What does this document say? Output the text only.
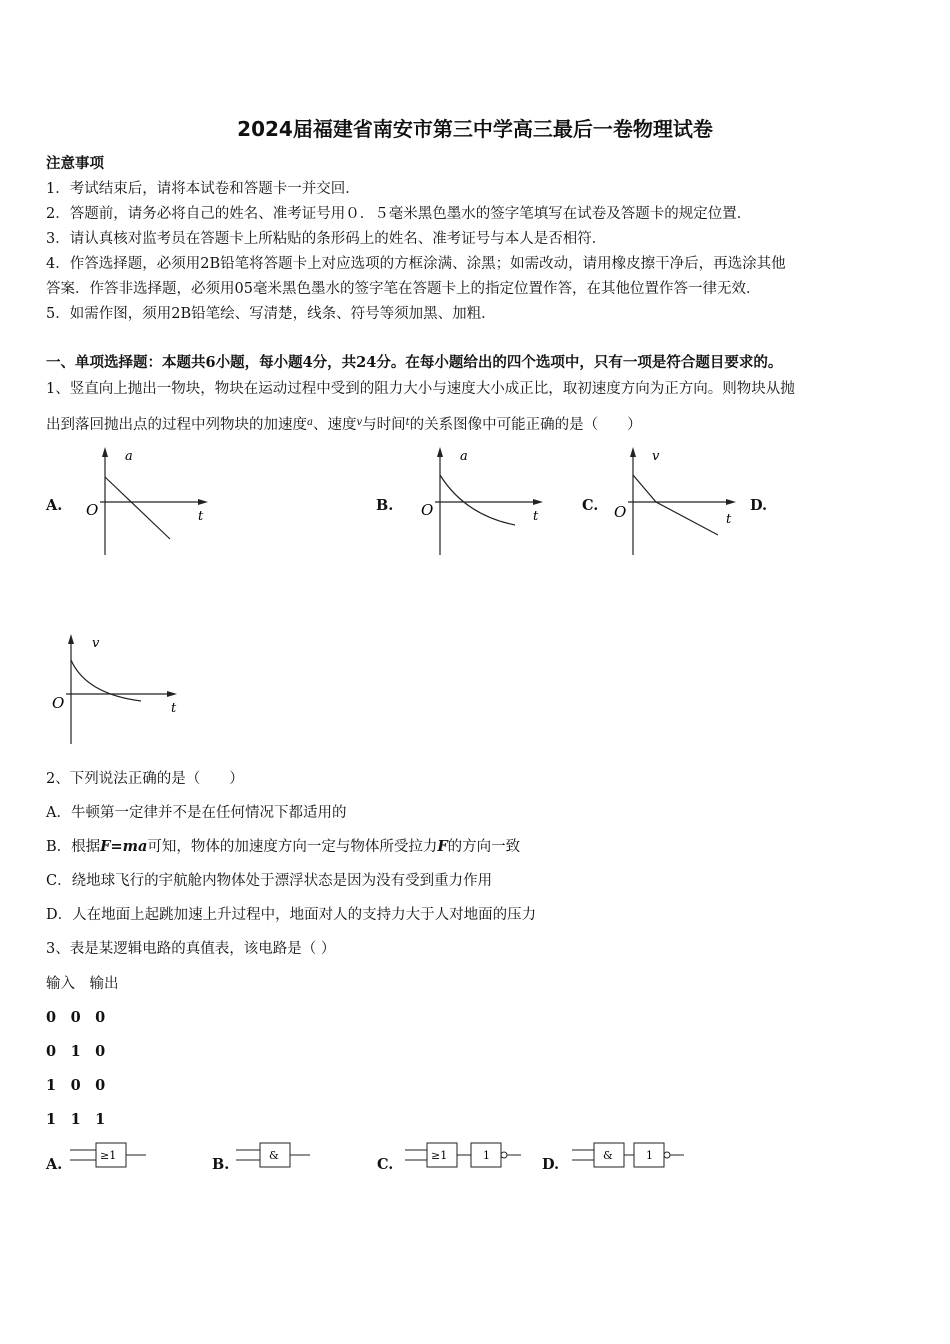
2024届福建省南安市第三中学高三最后一卷物理试卷
注意事项
1．考试结束后，请将本试卷和答题卡一并交回．
2．答题前，请务必将自己的姓名、准考证号用０．５毫米黑色墨水的签字笔填写在试卷及答题卡的规定位置．
3．请认真核对监考员在答题卡上所粘贴的条形码上的姓名、准考证号与本人是否相符．
4．作答选择题，必须用2B铅笔将答题卡上对应选项的方框涂满、涂黑；如需改动，请用橡皮擦干净后，再选涂其他
答案．作答非选择题，必须用05毫米黑色墨水的签字笔在答题卡上的指定位置作答，在其他位置作答一律无效．
5．如需作图，须用2B铅笔绘、写清楚，线条、符号等须加黑、加粗．
一、单项选择题：本题共6小题，每小题4分，共24分。在每小题给出的四个选项中，只有一项是符合题目要求的。
1、竖直向上抛出一物块，物块在运动过程中受到的阻力大小与速度大小成正比，取初速度方向为正方向。则物块从抛
出到落回抛出点的过程中列物块的加速度$^a$、速度$^v$与时间$^t$的关系图像中可能正确的是（　　）
A.	B.	C.	D.
a
O	t
a
O	t
v
O	t
v
O	t
2、下列说法正确的是（　　）
A．牛顿第一定律并不是在任何情况下都适用的
B．根据F=ma可知，物体的加速度方向一定与物体所受拉力F的方向一致
C．绕地球飞行的宇航舱内物体处于漂浮状态是因为没有受到重力作用
D．人在地面上起跳加速上升过程中，地面对人的支持力大于人对地面的压力
3、表是某逻辑电路的真值表，该电路是（ ）
输入　输出
0　0　0
0　1　0
1　0　0
1　1　1
A.	B.	C.	D.
≥1	&	≥1	1	&	1
